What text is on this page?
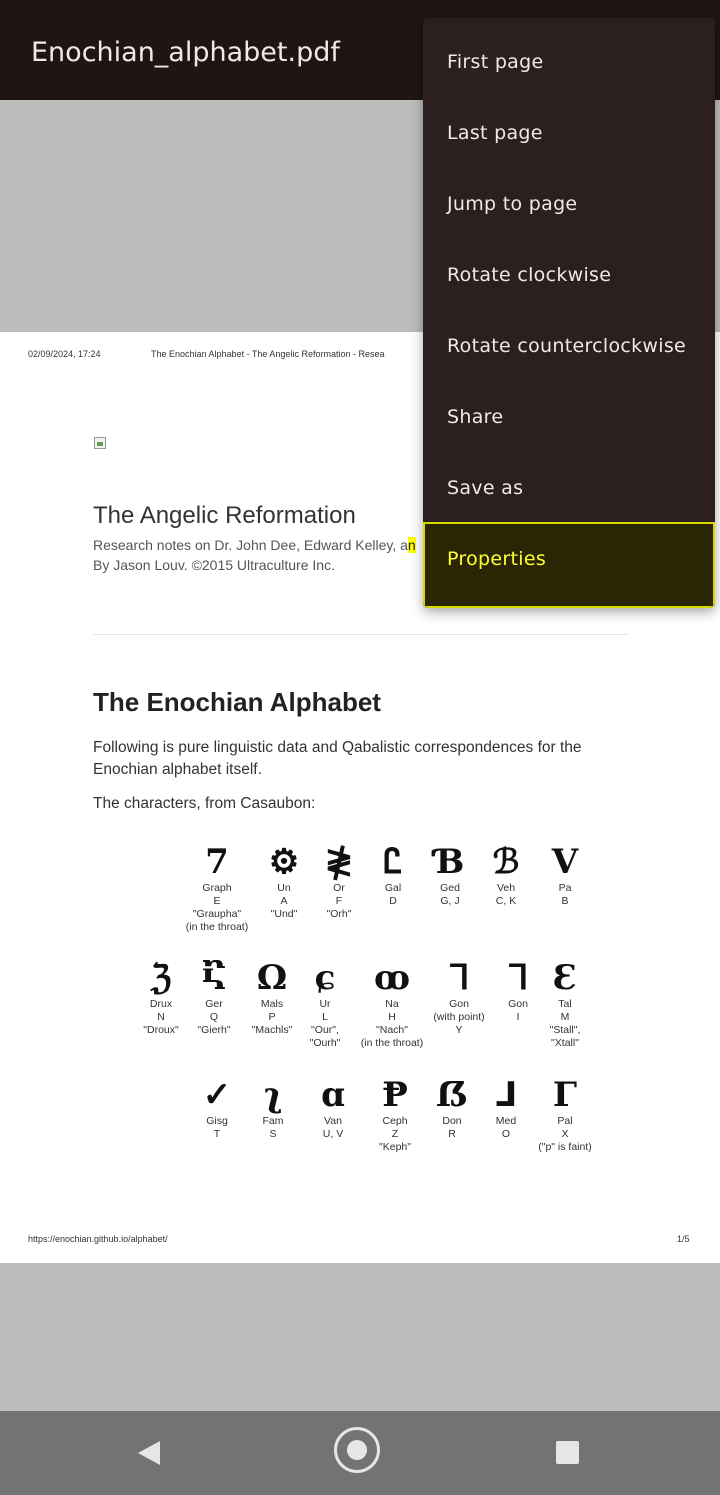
Enochian_alphabet.pdf
02/09/2024, 17:24	The Enochian Alphabet - The Angelic Reformation - Resea
The Angelic Reformation
Research notes on Dr. John Dee, Edward Kelley, an
By Jason Louv. ©2015 Ultraculture Inc.
The Enochian Alphabet
Following is pure linguistic data and Qabalistic correspondences for the Enochian alphabet itself.
The characters, from Casaubon:
7
Graph
E
"Graupha"
(in the throat)
⚙
Un
A
"Und"
≹
Or
F
"Orh"
Ꮭ
Gal
D
Ɓ
Ged
G, J
ℬ
Veh
C, K
V
Pa
B
ℨ
Drux
N
"Droux"
Ⴀ
Ger
Q
"Gierh"
Ω
Mals
P
"Machls"
ɕ
Ur
L
"Our",
"Ourh"
ꝏ
Na
H
"Nach"
(in the throat)
ᒣ
Gon
(with point)
Y
ᒣ
Gon
I
Ɛ
Tal
M
"Stall",
"Xtall"
✓
Gisg
T
ʅ
Fam
S
ɑ
Van
U, V
Ᵽ
Ceph
Z
"Keph"
ẞ
Don
R
⅃
Med
O
Γ
Pal
X
("p" is faint)
https://enochian.github.io/alphabet/	1/5
First page
Last page
Jump to page
Rotate clockwise
Rotate counterclockwise
Share
Save as
Properties
